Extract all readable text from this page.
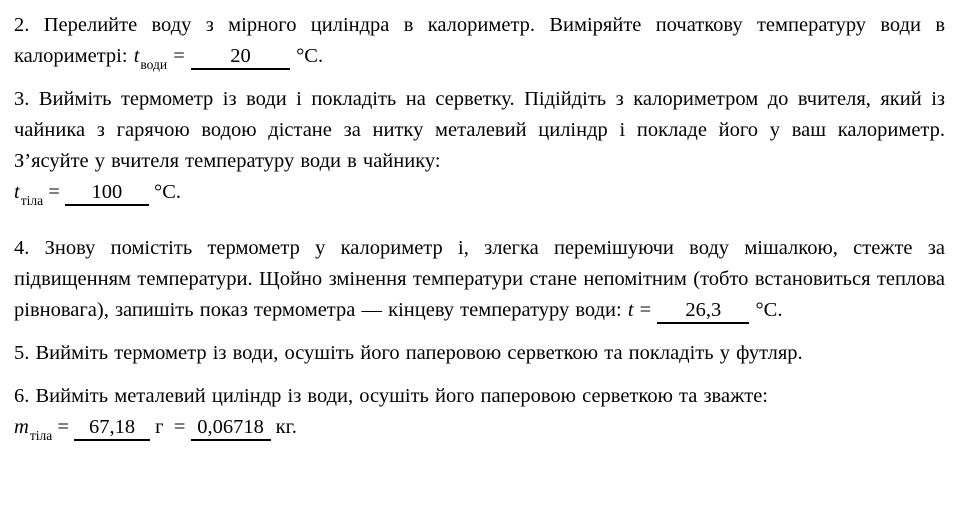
2. Перелийте воду з мірного циліндра в калориметр. Виміряйте початкову температуру води в калориметрі: $t_{води} = 20$ °С.

3. Вийміть термометр із води і покладіть на серветку. Підійдіть з калориметром до вчителя, який із чайника з гарячою водою дістане за нитку металевий циліндр і покладе його у ваш калориметр. З’ясуйте у вчителя температуру води в чайнику:

$t_{тіла} = 100$ °С.

4. Знову помістіть термометр у калориметр і, злегка перемішуючи воду мішалкою, стежте за підвищенням температури. Щойно змінення температури стане непомітним (тобто встановиться теплова рівновага), запишіть показ термометра — кінцеву температуру води: t = 26,3 °С.

5. Вийміть термометр із води, осушіть його паперовою серветкою та покладіть у футляр.

6. Вийміть металевий циліндр із води, осушіть його паперовою серветкою та зважте:

$m_{тіла} = 67,18$ г  = 0,06718 кг.
